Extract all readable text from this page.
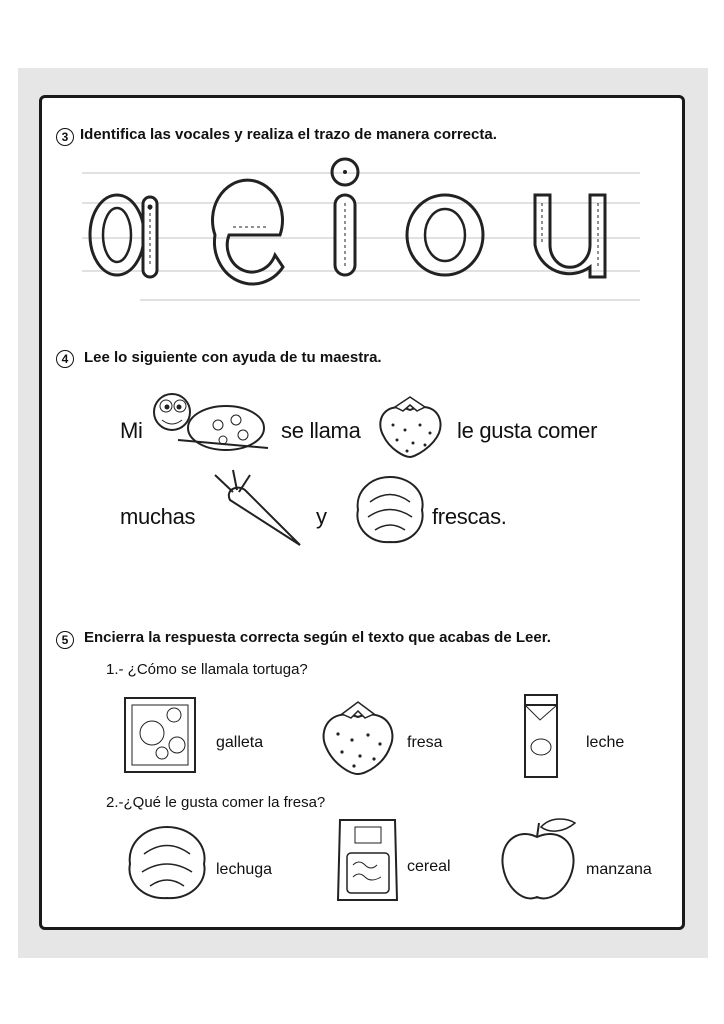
3 Identifica las vocales y realiza el trazo de manera correcta.
4	Lee lo siguiente con ayuda de tu maestra.
Mi	se llama	le gusta comer
muchas	y	frescas.
5	Encierra la respuesta correcta según el texto que acabas de Leer.
1.- ¿Cómo se llamala tortuga?
galleta	fresa	leche
2.-¿Qué le gusta comer la fresa?
lechuga	cereal	manzana
